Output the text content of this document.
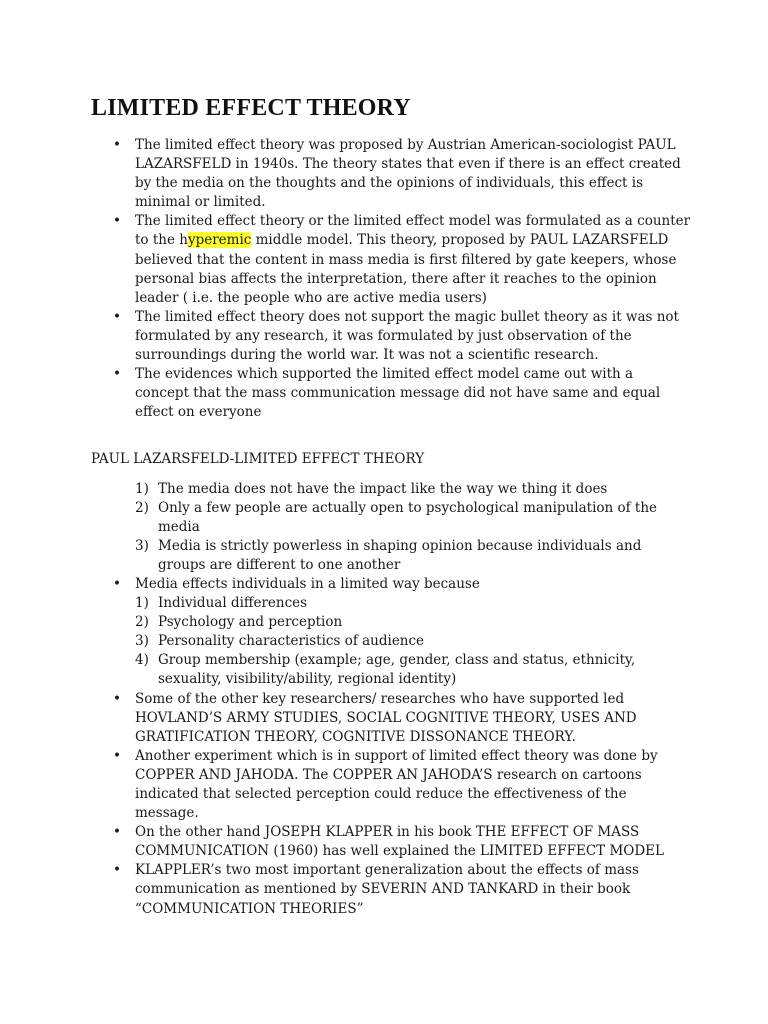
LIMITED EFFECT THEORY
• The limited effect theory was proposed by Austrian American-sociologist PAUL LAZARSFELD in 1940s. The theory states that even if there is an effect created by the media on the thoughts and the opinions of individuals, this effect is minimal or limited.
• The limited effect theory or the limited effect model was formulated as a counter to the hyperemic middle model. This theory, proposed by PAUL LAZARSFELD believed that the content in mass media is first filtered by gate keepers, whose personal bias affects the interpretation, there after it reaches to the opinion leader ( i.e. the people who are active media users)
• The limited effect theory does not support the magic bullet theory as it was not formulated by any research, it was formulated by just observation of the surroundings during the world war. It was not a scientific research.
• The evidences which supported the limited effect model came out with a concept that the mass communication message did not have same and equal effect on everyone
PAUL LAZARSFELD-LIMITED EFFECT THEORY
1) The media does not have the impact like the way we thing it does
2) Only a few people are actually open to psychological manipulation of the media
3) Media is strictly powerless in shaping opinion because individuals and groups are different to one another
• Media effects individuals in a limited way because
1) Individual differences
2) Psychology and perception
3) Personality characteristics of audience
4) Group membership (example; age, gender, class and status, ethnicity, sexuality, visibility/ability, regional identity)
• Some of the other key researchers/ researches who have supported led HOVLAND’S ARMY STUDIES, SOCIAL COGNITIVE THEORY, USES AND GRATIFICATION THEORY, COGNITIVE DISSONANCE THEORY.
• Another experiment which is in support of limited effect theory was done by COPPER AND JAHODA. The COPPER AN JAHODA’S research on cartoons indicated that selected perception could reduce the effectiveness of the message.
• On the other hand JOSEPH KLAPPER in his book THE EFFECT OF MASS COMMUNICATION (1960) has well explained the LIMITED EFFECT MODEL
• KLAPPLER’s two most important generalization about the effects of mass communication as mentioned by SEVERIN AND TANKARD in their book “COMMUNICATION THEORIES”
